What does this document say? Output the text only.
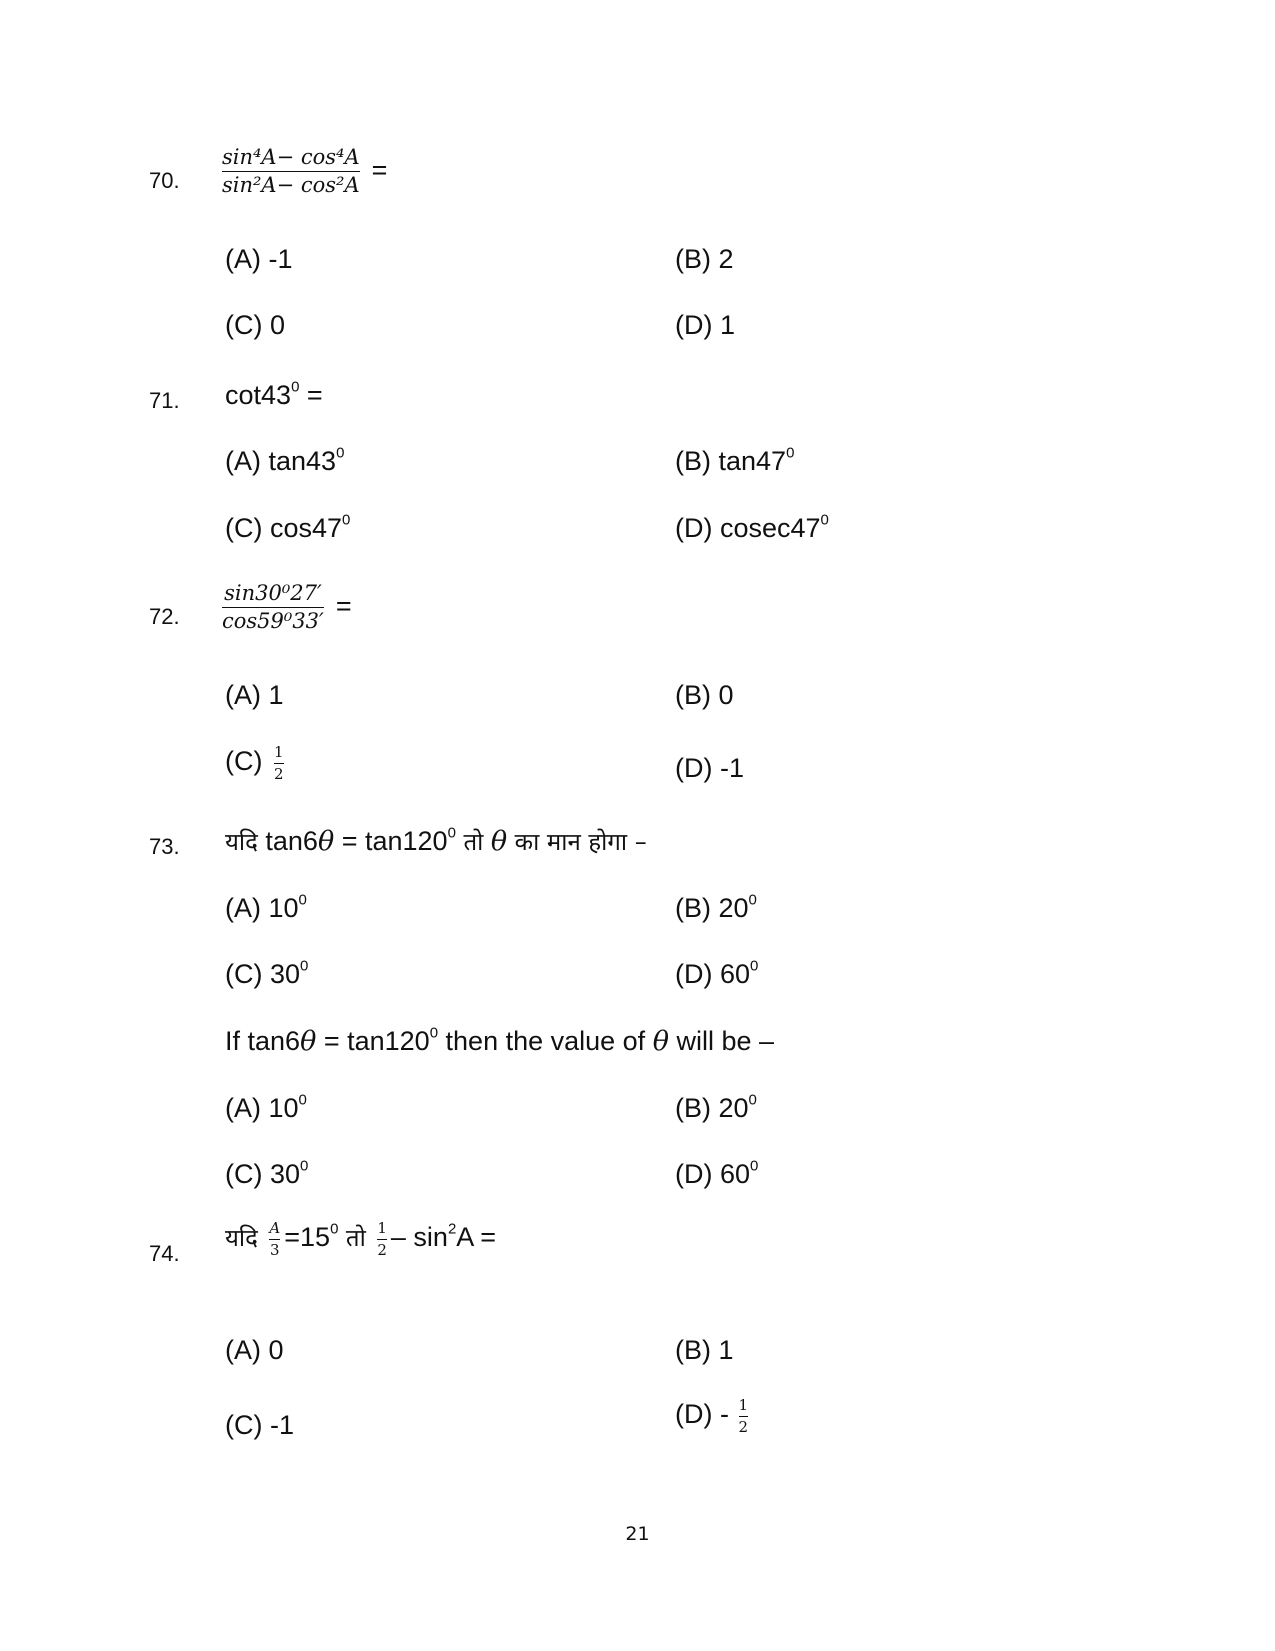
70. $\frac{\text{sin⁴A− cos⁴A}}{\text{sin²A− cos²A}}$ =
(A) -1	(B) 2
(C) 0	(D) 1
71. $\cot 43^0$ =
(A) $\tan 43^0$	(B) $\tan 47^0$
(C) $\cos 47^0$	(D) $cosec47^0$
72. $\frac{\text{sin30⁰27′}}{\text{cos59⁰33′}}$ =
(A) 1	(B) 0
$(C) \frac{1}{2}$	(D) -1
73. यदि $\tan 6\theta = \tan 120^0$ तो θ का मान होगा –
(A) $10^0$	(B) $20^0$
(C) $30^0$	(D) $60^0$
If $\tan 6\theta = \tan 120^0$ then the value of θ will be –
(A) $10^0$	(B) $20^0$
(C) $30^0$	(D) $60^0$
74.
यदि $\frac{A}{3} =15^0$ तो $\frac{1}{2} - \sin^2A$ =
(A) 0	(B) 1
(C) -1	$(D) - \frac{1}{2}$
21
